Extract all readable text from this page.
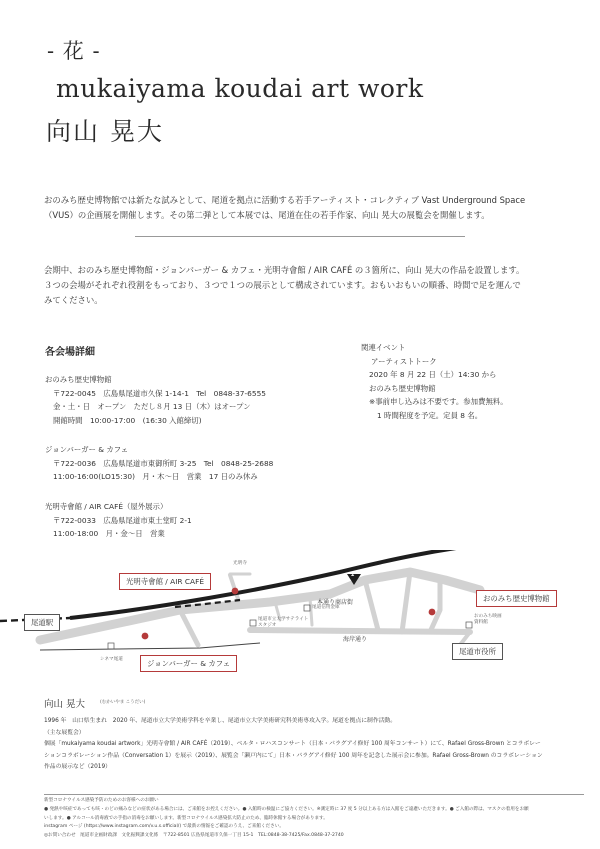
- 花 -
mukaiyama koudai art work
向山 晃大
おのみち歴史博物館では新たな試みとして、尾道を拠点に活動する若手アーティスト・コレクティブ Vast Underground Space
（VUS）の企画展を開催します。その第二弾として本展では、尾道在住の若手作家、向山 晃大の展覧会を開催します。
会期中、おのみち歴史博物館・ジョンバーガー & カフェ・光明寺會館 / AIR CAFÉ の３箇所に、向山 晃大の作品を設置します。
３つの会場がそれぞれ役割をもっており、３つで１つの展示として構成されています。おもいおもいの順番、時間で足を運んで
みてください。
各会場詳細
おのみち歴史博物館
〒722-0045　広島県尾道市久保 1-14-1　Tel　0848-37-6555
金・土・日　オープン　ただし８月 13 日（木）はオープン
開館時間　10:00-17:00　(16:30 入館締切)
ジョンバーガー & カフェ
〒722-0036　広島県尾道市東御所町 3-25　Tel　0848-25-2688
11:00-16:00(LO15:30)　月・木〜日　営業　17 日のみ休み
光明寺會館 / AIR CAFÉ（屋外展示）
〒722-0033　広島県尾道市東土堂町 2-1
11:00-18:00　月・金〜日　営業
関連イベント
アーティストトーク
2020 年 8 月 22 日（土）14:30 から
おのみち歴史博物館
※事前申し込みは不要です。参加費無料。
1 時間程度を予定。定員 8 名。
光明寺會館 / AIR CAFÉ
おのみち歴史博物館
尾道駅
ジョンバーガー & カフェ
尾道市役所
本通り商店街
海岸通り
2
光明寺
尾道市立大学サテライトスタジオ
尾道信用金庫
シネマ尾道
おのみち映画資料館
向山 晃大	(むかいやま こうだい)
1996 年　山口県生まれ　2020 年、尾道市立大学美術学科を卒業し、尾道市立大学美術研究科美術専攻入学。尾道を拠点に制作活動。
（主な展覧会）
個展「mukaiyama koudai artwork」光明寺會館 / AIR CAFÉ（2019）、ベルタ・ロハスコンサート（日本・パラグアイ修好 100 周年コンサート）にて、Rafael Gross-Brown とコラボレー
ションコラボレーション作品（Conversation 1）を展示（2019）、展覧会「瀬戸内にて」日本・パラグアイ修好 100 周年を記念した展示会に参加。Rafael Gross-Brown のコラボレーション
作品の展示など（2019）
新型コロナウイルス感染予防のためのお客様へのお願い
● 発熱や咳症であっても咳・のどの痛みなどの症状がある場合には、ご来館をお控えください。● 入館時の検温にご協力ください。※測定時に 37 度 5 分以上ある方は入館をご遠慮いただきます。● ご入館の際は、マスクの着用をお願
いします。● アルコール消毒液での手指の消毒をお願いします。新型コロナウイルス感染拡大防止のため、臨時休館する場合があります。
instagram ページ (https://www.instagram.com/v.u.s.official/) で最新の情報をご確認のうえ、ご来館ください。
◎お問い合わせ　尾道市企画財政課　文化振興課文化係　〒722-8501 広島県尾道市久保一丁目 15-1　TEL:0848-38-7425/Fax.0848-37-2740
